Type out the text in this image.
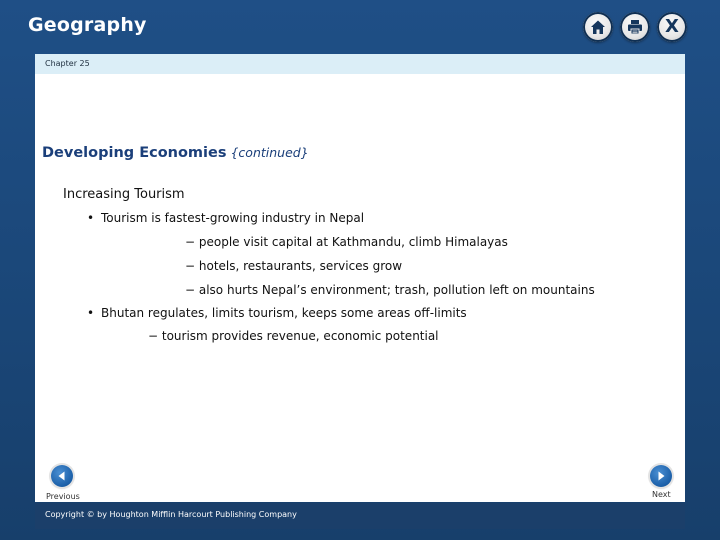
Geography	X
Chapter 25
Developing Economies {continued}
Increasing Tourism
• Tourism is fastest-growing industry in Nepal
− people visit capital at Kathmandu, climb Himalayas
− hotels, restaurants, services grow
− also hurts Nepal’s environment; trash, pollution left on mountains
• Bhutan regulates, limits tourism, keeps some areas off-limits
− tourism provides revenue, economic potential
Previous	Next
Copyright © by Houghton Mifflin Harcourt Publishing Company
